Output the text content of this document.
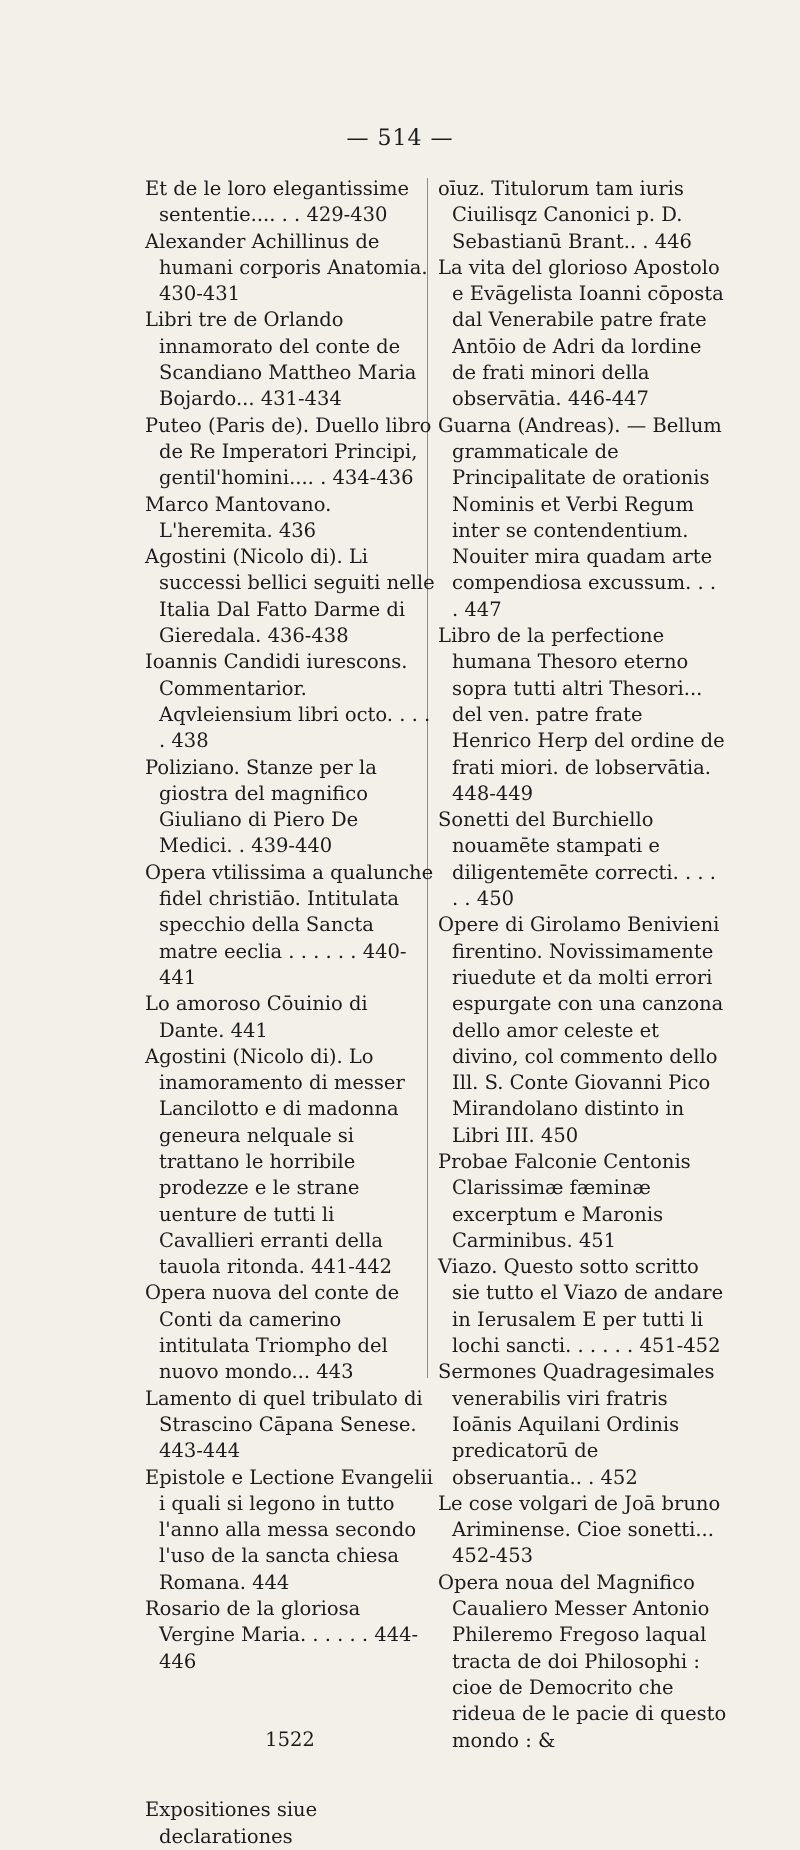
— 514 —

Et de le loro elegantissime sententie.... . . 429-430

Alexander Achillinus de humani corporis Anatomia. 430-431

Libri tre de Orlando innamorato del conte de Scandiano Mattheo Maria Bojardo... 431-434

Puteo (Paris de). Duello libro de Re Imperatori Principi, gentil'homini.... . 434-436

Marco Mantovano. L'heremita. 436

Agostini (Nicolo di). Li successi bellici seguiti nelle Italia Dal Fatto Darme di Gieredala. 436-438

Ioannis Candidi iurescons. Commentarior. Aqvleiensium libri octo. . . . . 438

Poliziano. Stanze per la giostra del magnifico Giuliano di Piero De Medici. . 439-440

Opera vtilissima a qualunche fidel christiāo. Intitulata specchio della Sancta matre eeclia . . . . . . 440-441

Lo amoroso Cōuinio di Dante. 441

Agostini (Nicolo di). Lo inamoramento di messer Lancilotto e di madonna geneura nelquale si trattano le horribile prodezze e le strane uenture de tutti li Cavallieri erranti della tauola ritonda. 441-442

Opera nuova del conte de Conti da camerino intitulata Triompho del nuovo mondo... 443

Lamento di quel tribulato di Strascino Cāpana Senese. 443-444

Epistole e Lectione Evangelii i quali si legono in tutto l'anno alla messa secondo l'uso de la sancta chiesa Romana. 444

Rosario de la gloriosa Vergine Maria. . . . . . 444-446

1522

Expositiones siue declarationes

oīuz. Titulorum tam iuris Ciuilisqz Canonici p. D. Sebastianū Brant.. . 446

La vita del glorioso Apostolo e Evāgelista Ioanni cōposta dal Venerabile patre frate Antōio de Adri da lordine de frati minori della observātia. 446-447

Guarna (Andreas). — Bellum grammaticale de Principalitate de orationis Nominis et Verbi Regum inter se contendentium. Nouiter mira quadam arte compendiosa excussum. . . . 447

Libro de la perfectione humana Thesoro eterno sopra tutti altri Thesori... del ven. patre frate Henrico Herp del ordine de frati miori. de lobservātia. 448-449

Sonetti del Burchiello nouamēte stampati e diligentemēte correcti. . . . . . 450

Opere di Girolamo Benivieni firentino. Novissimamente riuedute et da molti errori espurgate con una canzona dello amor celeste et divino, col commento dello Ill. S. Conte Giovanni Pico Mirandolano distinto in Libri III. 450

Probae Falconie Centonis Clarissimæ fæminæ excerptum e Maronis Carminibus. 451

Viazo. Questo sotto scritto sie tutto el Viazo de andare in Ierusalem E per tutti li lochi sancti. . . . . . 451-452

Sermones Quadragesimales venerabilis viri fratris Ioānis Aquilani Ordinis predicatorū de obseruantia.. . 452

Le cose volgari de Joā bruno Ariminense. Cioe sonetti... 452-453

Opera noua del Magnifico Caualiero Messer Antonio Phileremo Fregoso laqual tracta de doi Philosophi : cioe de Democrito che rideua de le pacie di questo mondo : &
